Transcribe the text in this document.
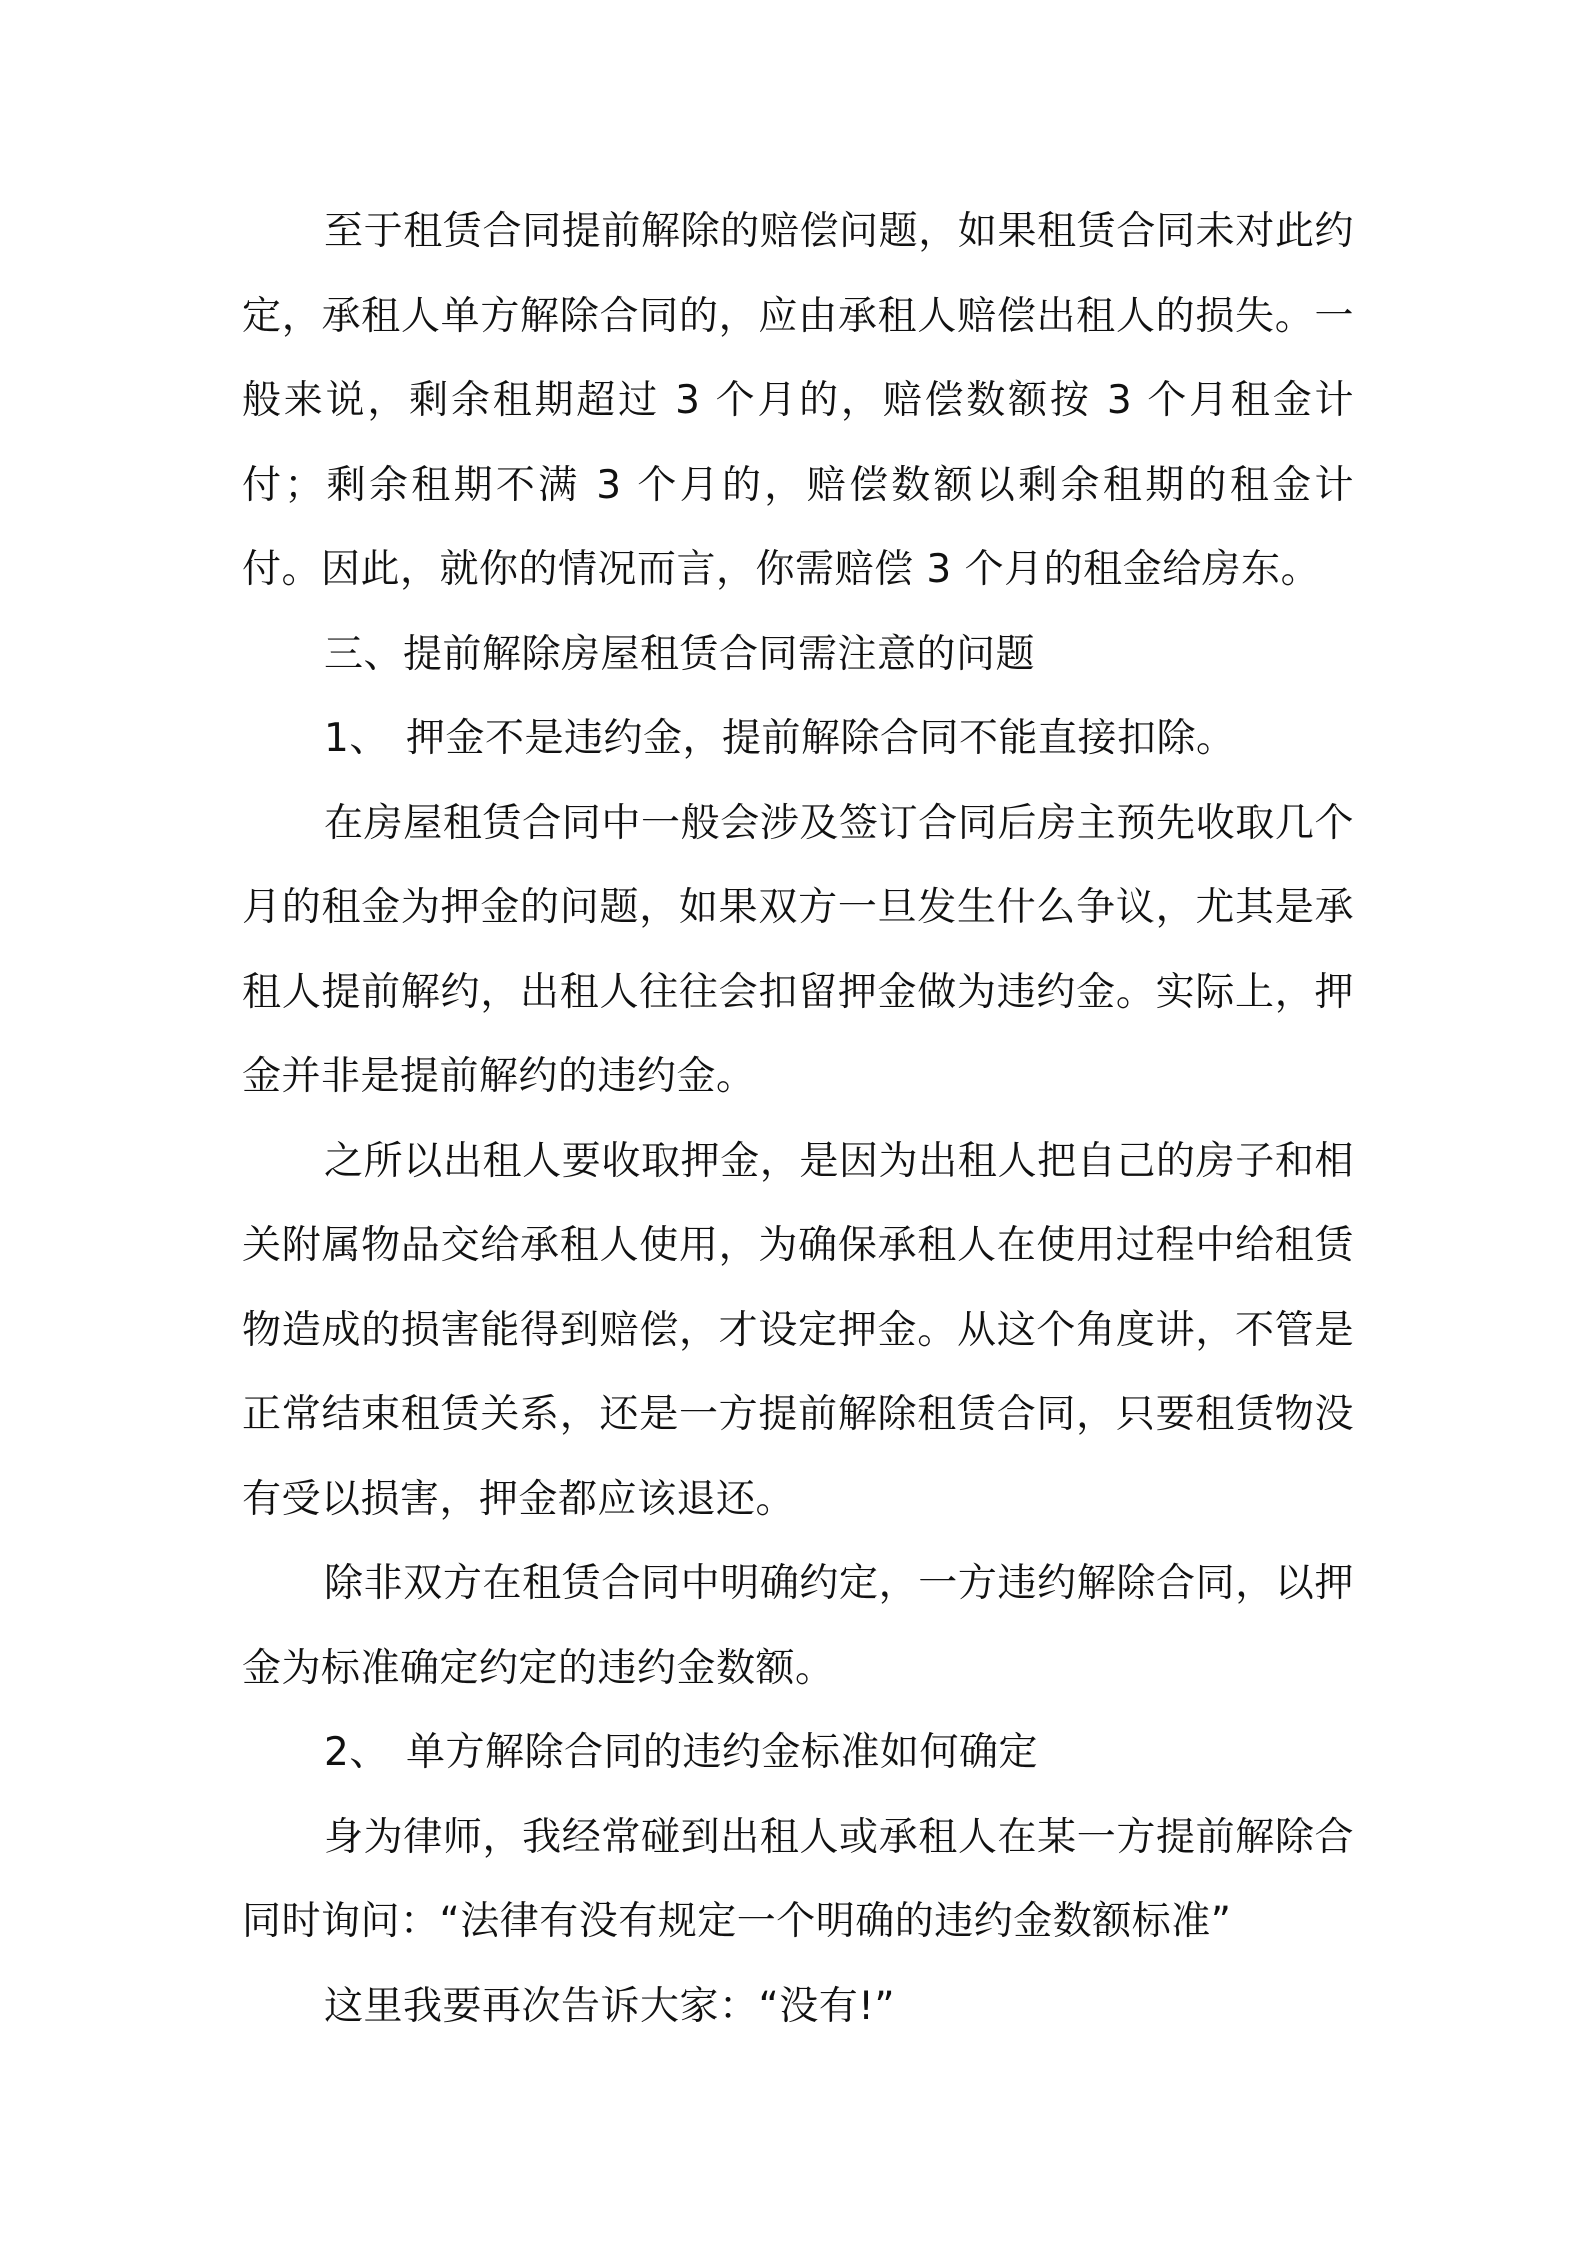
至于租赁合同提前解除的赔偿问题，如果租赁合同未对此约定，承租人单方解除合同的，应由承租人赔偿出租人的损失。一般来说，剩余租期超过 3 个月的，赔偿数额按 3 个月租金计付；剩余租期不满 3 个月的，赔偿数额以剩余租期的租金计付。因此，就你的情况而言，你需赔偿 3 个月的租金给房东。

三、提前解除房屋租赁合同需注意的问题

1、 押金不是违约金，提前解除合同不能直接扣除。

在房屋租赁合同中一般会涉及签订合同后房主预先收取几个月的租金为押金的问题，如果双方一旦发生什么争议，尤其是承租人提前解约，出租人往往会扣留押金做为违约金。实际上，押金并非是提前解约的违约金。

之所以出租人要收取押金，是因为出租人把自己的房子和相关附属物品交给承租人使用，为确保承租人在使用过程中给租赁物造成的损害能得到赔偿，才设定押金。从这个角度讲，不管是正常结束租赁关系，还是一方提前解除租赁合同，只要租赁物没有受以损害，押金都应该退还。

除非双方在租赁合同中明确约定，一方违约解除合同，以押金为标准确定约定的违约金数额。

2、 单方解除合同的违约金标准如何确定

身为律师，我经常碰到出租人或承租人在某一方提前解除合同时询问：“法律有没有规定一个明确的违约金数额标准”

这里我要再次告诉大家：“没有!”
